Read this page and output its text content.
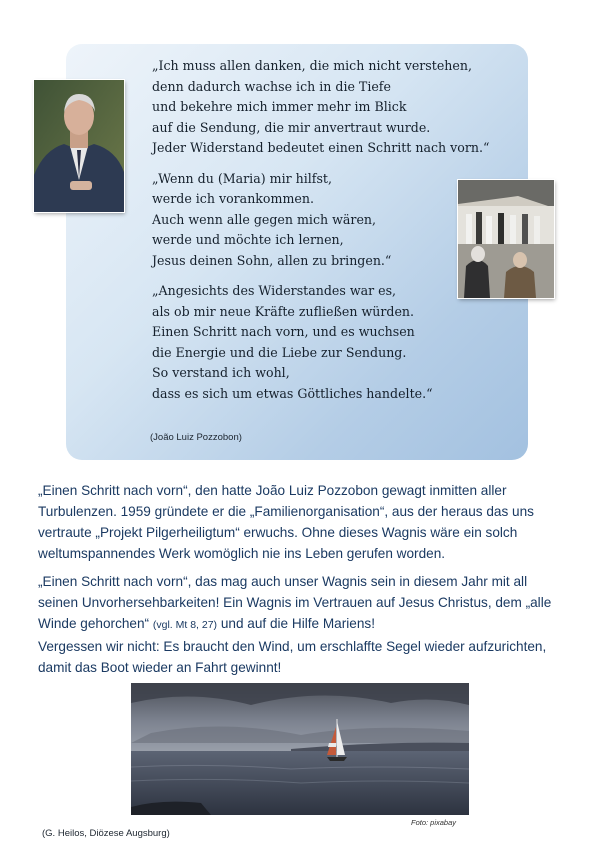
„Ich muss allen danken, die mich nicht verstehen,
denn dadurch wachse ich in die Tiefe
und bekehre mich immer mehr im Blick
auf die Sendung, die mir anvertraut wurde.
Jeder Widerstand bedeutet einen Schritt nach vorn.“
„Wenn du (Maria) mir hilfst,
werde ich vorankommen.
Auch wenn alle gegen mich wären,
werde und möchte ich lernen,
Jesus deinen Sohn, allen zu bringen.“
„Angesichts des Widerstandes war es,
als ob mir neue Kräfte zufließen würden.
Einen Schritt nach vorn, und es wuchsen
die Energie und die Liebe zur Sendung.
So verstand ich wohl,
dass es sich um etwas Göttliches handelte.“
(João Luiz Pozzobon)
„Einen Schritt nach vorn“, den hatte João Luiz Pozzobon gewagt inmitten aller Turbulenzen. 1959 gründete er die „Familienorganisation“, aus der heraus das uns vertraute „Projekt Pilgerheiligtum“ erwuchs. Ohne dieses Wagnis wäre ein solch weltumspannendes Werk womöglich nie ins Leben gerufen worden.
„Einen Schritt nach vorn“, das mag auch unser Wagnis sein in diesem Jahr mit all seinen Unvorhersehbarkeiten! Ein Wagnis im Vertrauen auf Jesus Christus, dem „alle Winde gehorchen“ (vgl. Mt 8, 27) und auf die Hilfe Mariens!
Vergessen wir nicht: Es braucht den Wind, um erschlaffte Segel wieder aufzurichten, damit das Boot wieder an Fahrt gewinnt!
Foto: pixabay
(G. Heilos, Diözese Augsburg)
